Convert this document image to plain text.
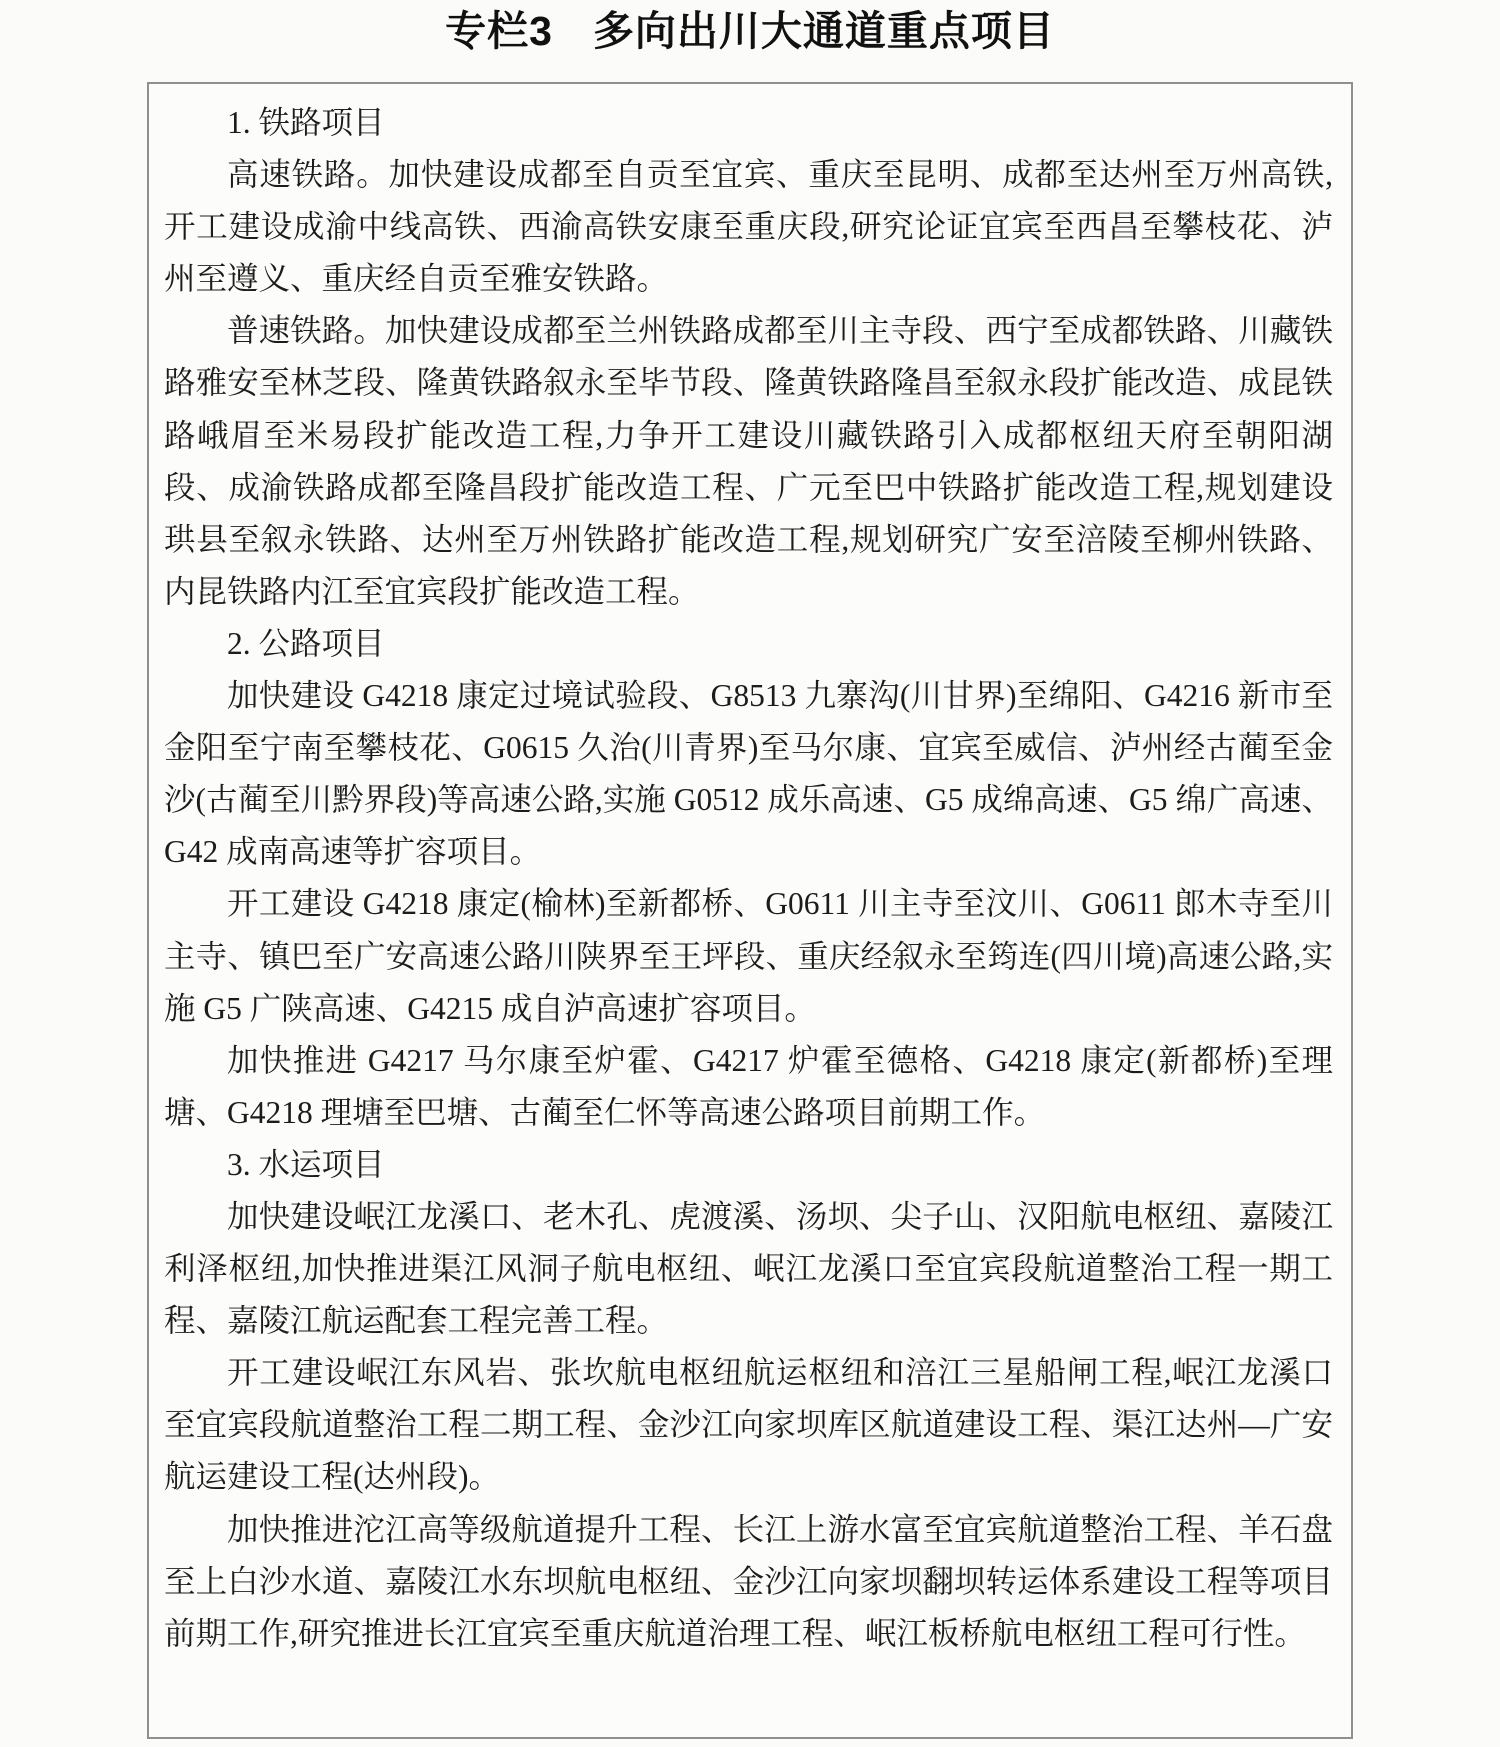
专栏3 多向出川大通道重点项目

1. 铁路项目

高速铁路。加快建设成都至自贡至宜宾、重庆至昆明、成都至达州至万州高铁,开工建设成渝中线高铁、西渝高铁安康至重庆段,研究论证宜宾至西昌至攀枝花、泸州至遵义、重庆经自贡至雅安铁路。

普速铁路。加快建设成都至兰州铁路成都至川主寺段、西宁至成都铁路、川藏铁路雅安至林芝段、隆黄铁路叙永至毕节段、隆黄铁路隆昌至叙永段扩能改造、成昆铁路峨眉至米易段扩能改造工程,力争开工建设川藏铁路引入成都枢纽天府至朝阳湖段、成渝铁路成都至隆昌段扩能改造工程、广元至巴中铁路扩能改造工程,规划建设珙县至叙永铁路、达州至万州铁路扩能改造工程,规划研究广安至涪陵至柳州铁路、内昆铁路内江至宜宾段扩能改造工程。

2. 公路项目

加快建设 G4218 康定过境试验段、G8513 九寨沟(川甘界)至绵阳、G4216 新市至金阳至宁南至攀枝花、G0615 久治(川青界)至马尔康、宜宾至威信、泸州经古蔺至金沙(古蔺至川黔界段)等高速公路,实施 G0512 成乐高速、G5 成绵高速、G5 绵广高速、G42 成南高速等扩容项目。

开工建设 G4218 康定(榆林)至新都桥、G0611 川主寺至汶川、G0611 郎木寺至川主寺、镇巴至广安高速公路川陕界至王坪段、重庆经叙永至筠连(四川境)高速公路,实施 G5 广陕高速、G4215 成自泸高速扩容项目。

加快推进 G4217 马尔康至炉霍、G4217 炉霍至德格、G4218 康定(新都桥)至理塘、G4218 理塘至巴塘、古蔺至仁怀等高速公路项目前期工作。

3. 水运项目

加快建设岷江龙溪口、老木孔、虎渡溪、汤坝、尖子山、汉阳航电枢纽、嘉陵江利泽枢纽,加快推进渠江风洞子航电枢纽、岷江龙溪口至宜宾段航道整治工程一期工程、嘉陵江航运配套工程完善工程。

开工建设岷江东风岩、张坎航电枢纽航运枢纽和涪江三星船闸工程,岷江龙溪口至宜宾段航道整治工程二期工程、金沙江向家坝库区航道建设工程、渠江达州—广安航运建设工程(达州段)。

加快推进沱江高等级航道提升工程、长江上游水富至宜宾航道整治工程、羊石盘至上白沙水道、嘉陵江水东坝航电枢纽、金沙江向家坝翻坝转运体系建设工程等项目前期工作,研究推进长江宜宾至重庆航道治理工程、岷江板桥航电枢纽工程可行性。
